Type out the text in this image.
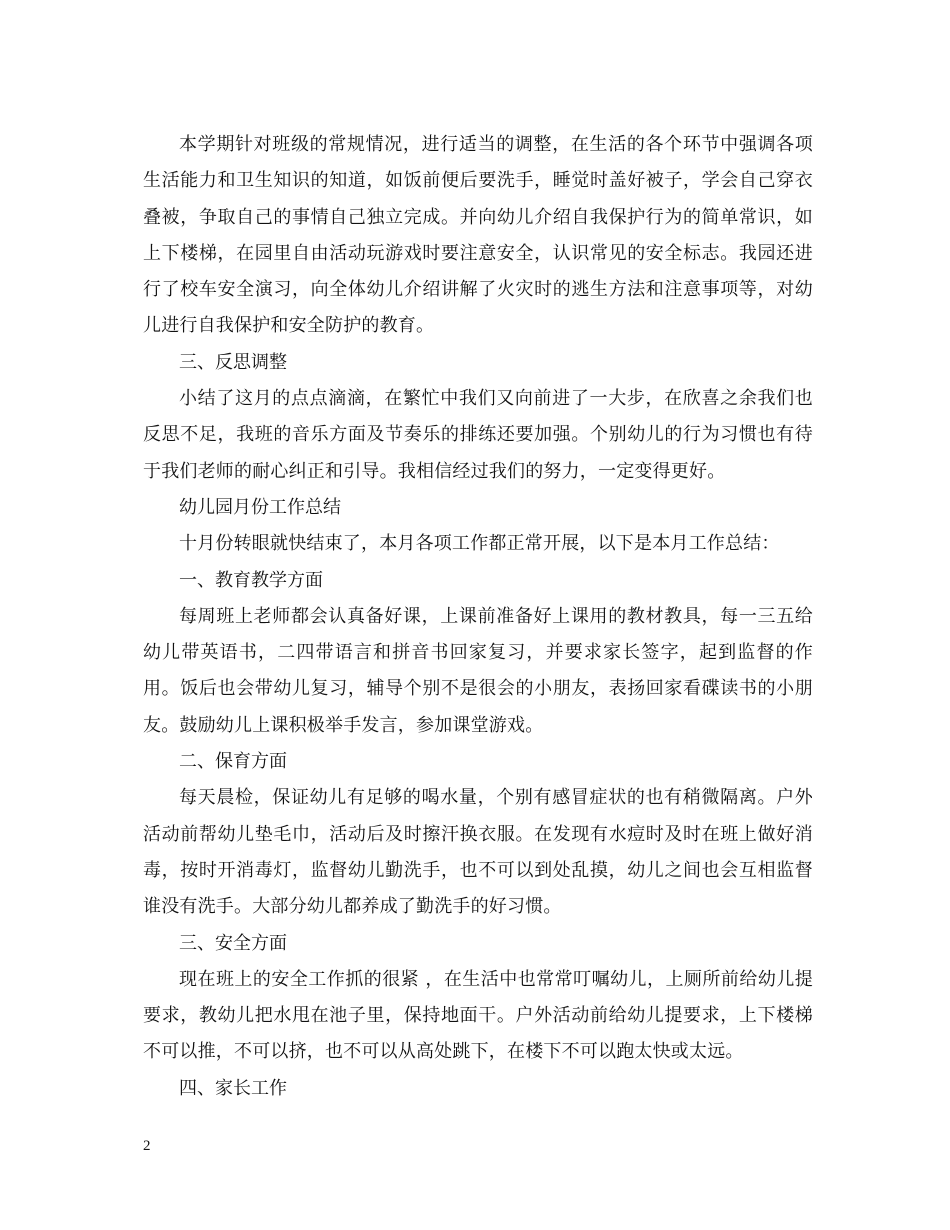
本学期针对班级的常规情况，进行适当的调整，在生活的各个环节中强调各项生活能力和卫生知识的知道，如饭前便后要洗手，睡觉时盖好被子，学会自己穿衣叠被，争取自己的事情自己独立完成。并向幼儿介绍自我保护行为的简单常识，如上下楼梯，在园里自由活动玩游戏时要注意安全，认识常见的安全标志。我园还进行了校车安全演习，向全体幼儿介绍讲解了火灾时的逃生方法和注意事项等，对幼儿进行自我保护和安全防护的教育。

三、反思调整

小结了这月的点点滴滴，在繁忙中我们又向前进了一大步，在欣喜之余我们也反思不足，我班的音乐方面及节奏乐的排练还要加强。个别幼儿的行为习惯也有待于我们老师的耐心纠正和引导。我相信经过我们的努力，一定变得更好。

幼儿园月份工作总结

十月份转眼就快结束了，本月各项工作都正常开展，以下是本月工作总结：

一、教育教学方面

每周班上老师都会认真备好课，上课前准备好上课用的教材教具，每一三五给幼儿带英语书，二四带语言和拼音书回家复习，并要求家长签字，起到监督的作用。饭后也会带幼儿复习，辅导个别不是很会的小朋友，表扬回家看碟读书的小朋友。鼓励幼儿上课积极举手发言，参加课堂游戏。

二、保育方面

每天晨检，保证幼儿有足够的喝水量，个别有感冒症状的也有稍微隔离。户外活动前帮幼儿垫毛巾，活动后及时擦汗换衣服。在发现有水痘时及时在班上做好消毒，按时开消毒灯，监督幼儿勤洗手，也不可以到处乱摸，幼儿之间也会互相监督谁没有洗手。大部分幼儿都养成了勤洗手的好习惯。

三、安全方面

现在班上的安全工作抓的很紧 ，在生活中也常常叮嘱幼儿，上厕所前给幼儿提要求，教幼儿把水甩在池子里，保持地面干。户外活动前给幼儿提要求，上下楼梯不可以推，不可以挤，也不可以从高处跳下，在楼下不可以跑太快或太远。

四、家长工作

2
